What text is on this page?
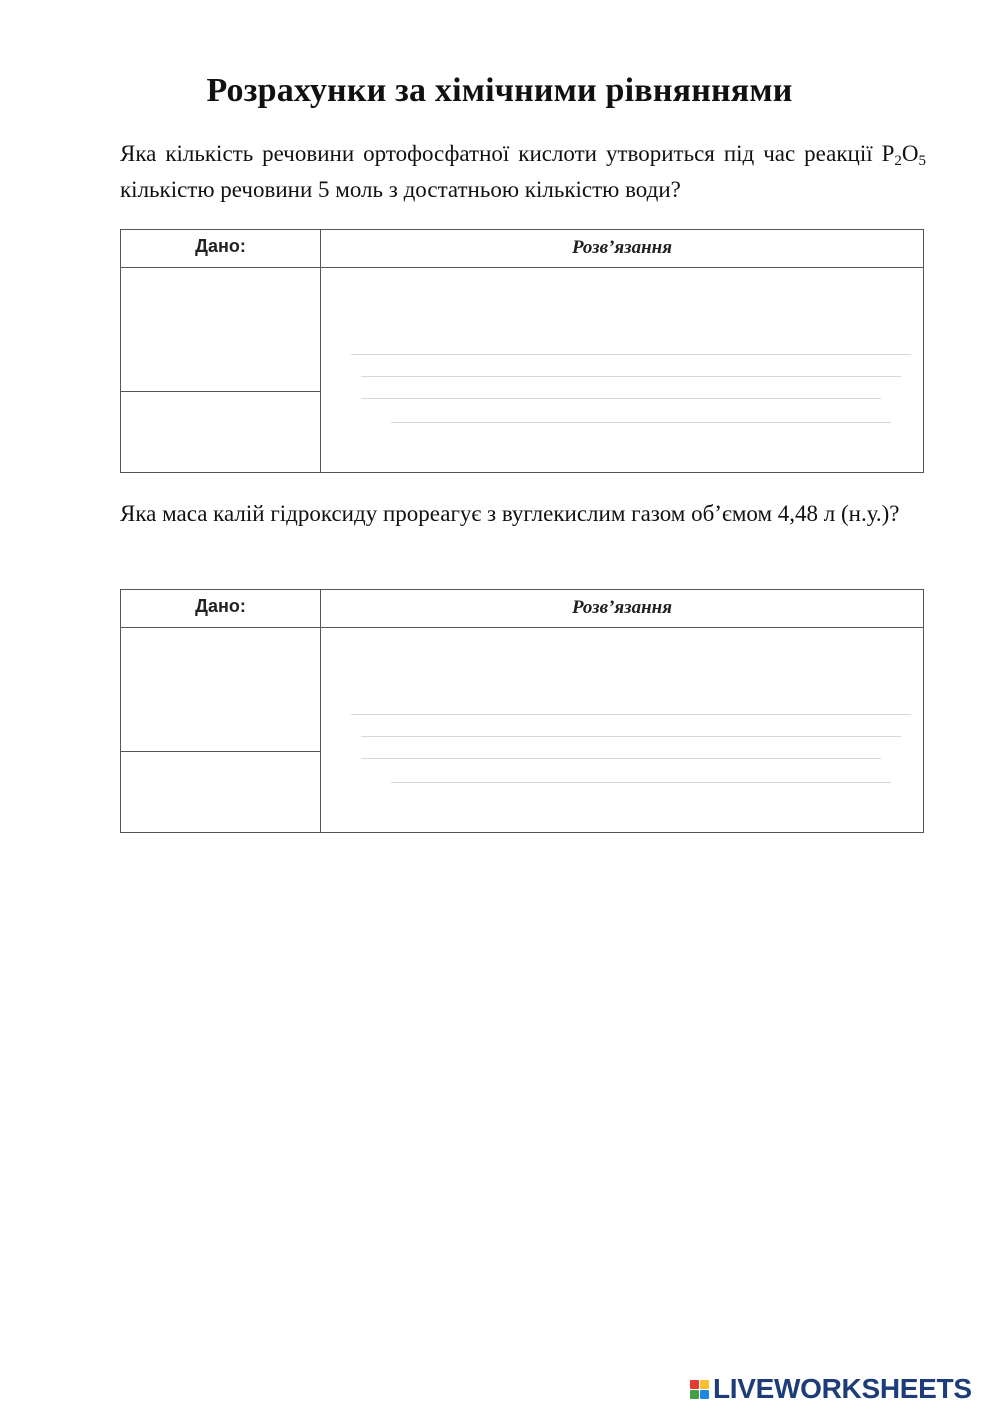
Розрахунки за хімічними рівняннями
Яка кількість речовини ортофосфатної кислоти утвориться під час реакції $P_2O_5$ кількістю речовини 5 моль з достатньою кількістю води?
Дано:	Розв’язання
Яка маса калій гідроксиду прореагує з вуглекислим газом об’ємом 4,48 л (н.у.)?
Дано:	Розв’язання
LIVEWORKSHEETS
